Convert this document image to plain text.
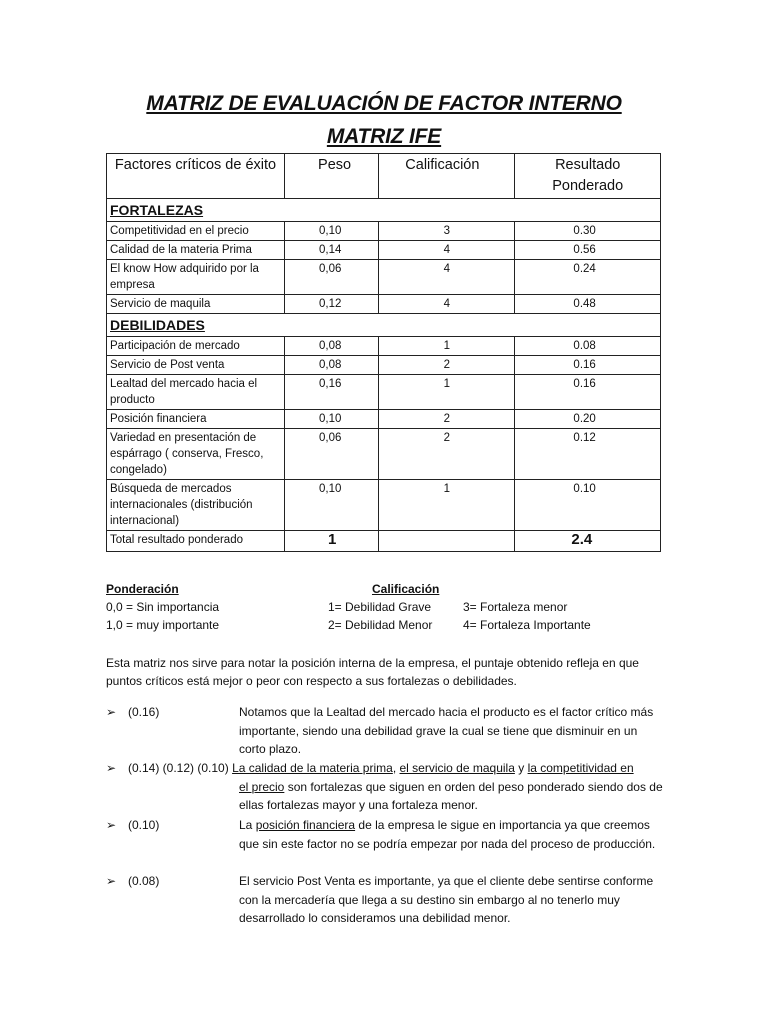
MATRIZ DE EVALUACIÓN DE FACTOR INTERNO
MATRIZ IFE
Factores críticos de éxito	Peso	Calificación	Resultado Ponderado
FORTALEZAS			
Competitividad en el precio	0,10	3	0.30
Calidad de la materia Prima	0,14	4	0.56
El know How adquirido por la empresa	0,06	4	0.24
Servicio de maquila	0,12	4	0.48
DEBILIDADES			
Participación de mercado	0,08	1	0.08
Servicio de Post venta	0,08	2	0.16
Lealtad del mercado hacia el producto	0,16	1	0.16
Posición financiera	0,10	2	0.20
Variedad en presentación de espárrago ( conserva, Fresco, congelado)	0,06	2	0.12
Búsqueda de mercados internacionales (distribución internacional)	0,10	1	0.10
Total resultado ponderado	1		2.4
Ponderación
0,0 = Sin importancia
1,0 = muy importante
Calificación
1= Debilidad Grave
2= Debilidad Menor
3= Fortaleza menor
4= Fortaleza Importante
Esta matriz nos sirve para notar la posición interna de la empresa, el puntaje obtenido refleja en que puntos críticos está mejor o peor con respecto a sus fortalezas o debilidades.
➢ (0.16)	Notamos que la Lealtad del mercado hacia el producto es el factor crítico más importante, siendo una debilidad grave la cual se tiene que disminuir en un corto plazo.
➢ (0.14) (0.12) (0.10) La calidad de la materia prima, el servicio de maquila y la competitividad en
el precio son fortalezas que siguen en orden del peso ponderado siendo dos de ellas fortalezas mayor y una fortaleza menor.
➢ (0.10)	La posición financiera de la empresa le sigue en importancia ya que creemos que sin este factor no se podría empezar por nada del proceso de producción.
➢ (0.08)	El servicio Post Venta es importante, ya que el cliente debe sentirse conforme con la mercadería que llega a su destino sin embargo al no tenerlo muy desarrollado lo consideramos una debilidad menor.
